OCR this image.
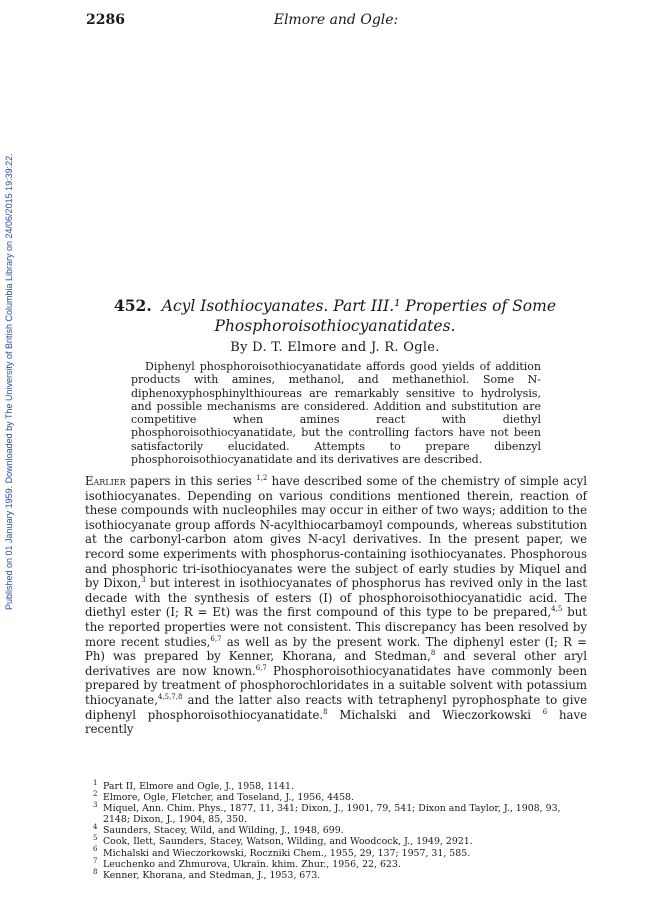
2286	Elmore and Ogle:
Published on 01 January 1959. Downloaded by The University of British Columbia Library on 24/06/2015 19:39:22.	452. Acyl Isothiocyanates. Part III.¹ Properties of Some
Phosphoroisothiocyanatidates.
By D. T. Elmore and J. R. Ogle.

Diphenyl phosphoroisothiocyanatidate affords good yields of addition products with amines, methanol, and methanethiol. Some N-diphenoxyphosphinylthioureas are remarkably sensitive to hydrolysis, and possible mechanisms are considered. Addition and substitution are competitive when amines react with diethyl phosphoroisothiocyanatidate, but the controlling factors have not been satisfactorily elucidated. Attempts to prepare dibenzyl phosphoroisothiocyanatidate and its derivatives are described.

Earlier papers in this series $^{1,2}$ have described some of the chemistry of simple acyl isothiocyanates. Depending on various conditions mentioned therein, reaction of these compounds with nucleophiles may occur in either of two ways; addition to the isothiocyanate group affords N-acylthiocarbamoyl compounds, whereas substitution at the carbonyl-carbon atom gives N-acyl derivatives. In the present paper, we record some experiments with phosphorus-containing isothiocyanates. Phosphorous and phosphoric tri-isothiocyanates were the subject of early studies by Miquel and by Dixon,$^3$ but interest in isothiocyanates of phosphorus has revived only in the last decade with the synthesis of esters (I) of phosphoroisothiocyanatidic acid. The diethyl ester (I; R = Et) was the first compound of this type to be prepared,$^{4,5}$ but the reported properties were not consistent. This discrepancy has been resolved by more recent studies,$^{6,7}$ as well as by the present work. The diphenyl ester (I; R = Ph) was prepared by Kenner, Khorana, and Stedman,$^8$ and several other aryl derivatives are now known.$^{6,7}$ Phosphoroisothiocyanatidates have commonly been prepared by treatment of phosphorochloridates in a suitable solvent with potassium thiocyanate,$^{4,5,7,8}$ and the latter also reacts with tetraphenyl pyrophosphate to give diphenyl phosphoroisothiocyanatidate.$^8$ Michalski and Wieczorkowski $^6$ have recently

$^1$ Part II, Elmore and Ogle, J., 1958, 1141.

$^2$ Elmore, Ogle, Fletcher, and Toseland, J., 1956, 4458.

$^3$ Miquel, Ann. Chim. Phys., 1877, 11, 341; Dixon, J., 1901, 79, 541; Dixon and Taylor, J., 1908, 93, 2148; Dixon, J., 1904, 85, 350.

$^4$ Saunders, Stacey, Wild, and Wilding, J., 1948, 699.

$^5$ Cook, Ilett, Saunders, Stacey, Watson, Wilding, and Woodcock, J., 1949, 2921.

$^6$ Michalski and Wieczorkowski, Roczniki Chem., 1955, 29, 137; 1957, 31, 585.

$^7$ Leuchenko and Zhmurova, Ukrain. khim. Zhur., 1956, 22, 623.

$^8$ Kenner, Khorana, and Stedman, J., 1953, 673.
